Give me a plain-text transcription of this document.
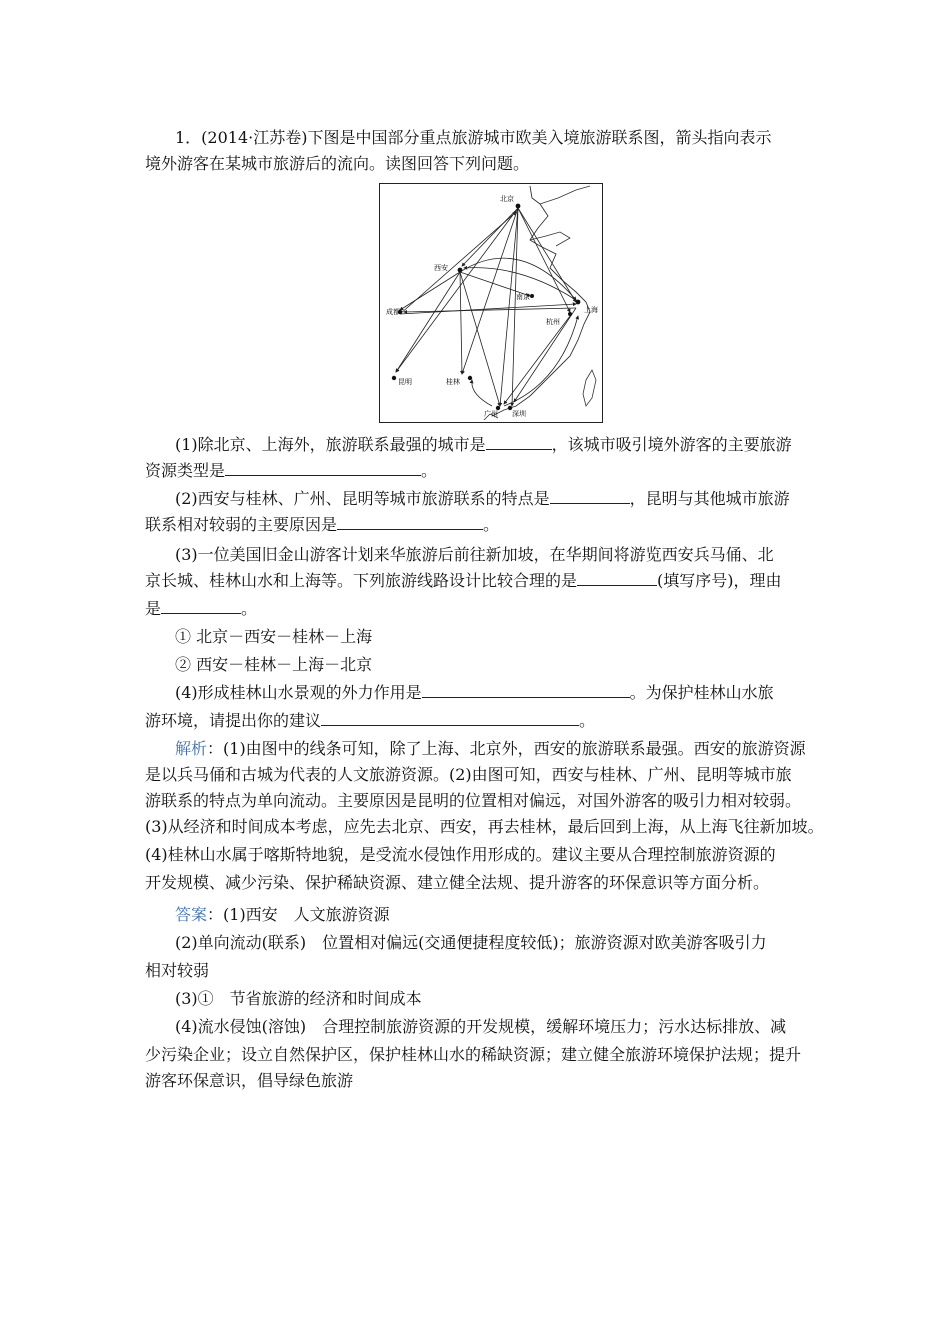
1．(2014·江苏卷)下图是中国部分重点旅游城市欧美入境旅游联系图，箭头指向表示
境外游客在某城市旅游后的流向。读图回答下列问题。
北京
西安
南京
上海
成都
杭州
昆明	桂林
广州 深圳
(1)除北京、上海外，旅游联系最强的城市是	，该城市吸引境外游客的主要旅游
资源类型是	。
(2)西安与桂林、广州、昆明等城市旅游联系的特点是	，昆明与其他城市旅游
联系相对较弱的主要原因是	。
(3)一位美国旧金山游客计划来华旅游后前往新加坡，在华期间将游览西安兵马俑、北
京长城、桂林山水和上海等。下列旅游线路设计比较合理的是	(填写序号)，理由
是	。
① 北京－西安－桂林－上海
② 西安－桂林－上海－北京
(4)形成桂林山水景观的外力作用是	。为保护桂林山水旅
游环境，请提出你的建议	。
解析：(1)由图中的线条可知，除了上海、北京外，西安的旅游联系最强。西安的旅游资源
是以兵马俑和古城为代表的人文旅游资源。(2)由图可知，西安与桂林、广州、昆明等城市旅
游联系的特点为单向流动。主要原因是昆明的位置相对偏远，对国外游客的吸引力相对较弱。
(3)从经济和时间成本考虑，应先去北京、西安，再去桂林，最后回到上海，从上海飞往新加坡。
(4)桂林山水属于喀斯特地貌，是受流水侵蚀作用形成的。建议主要从合理控制旅游资源的
开发规模、减少污染、保护稀缺资源、建立健全法规、提升游客的环保意识等方面分析。
答案：(1)西安　人文旅游资源
(2)单向流动(联系)　位置相对偏远(交通便捷程度较低)；旅游资源对欧美游客吸引力
相对较弱
(3)①　节省旅游的经济和时间成本
(4)流水侵蚀(溶蚀)　合理控制旅游资源的开发规模，缓解环境压力；污水达标排放、减
少污染企业；设立自然保护区，保护桂林山水的稀缺资源；建立健全旅游环境保护法规；提升
游客环保意识，倡导绿色旅游
